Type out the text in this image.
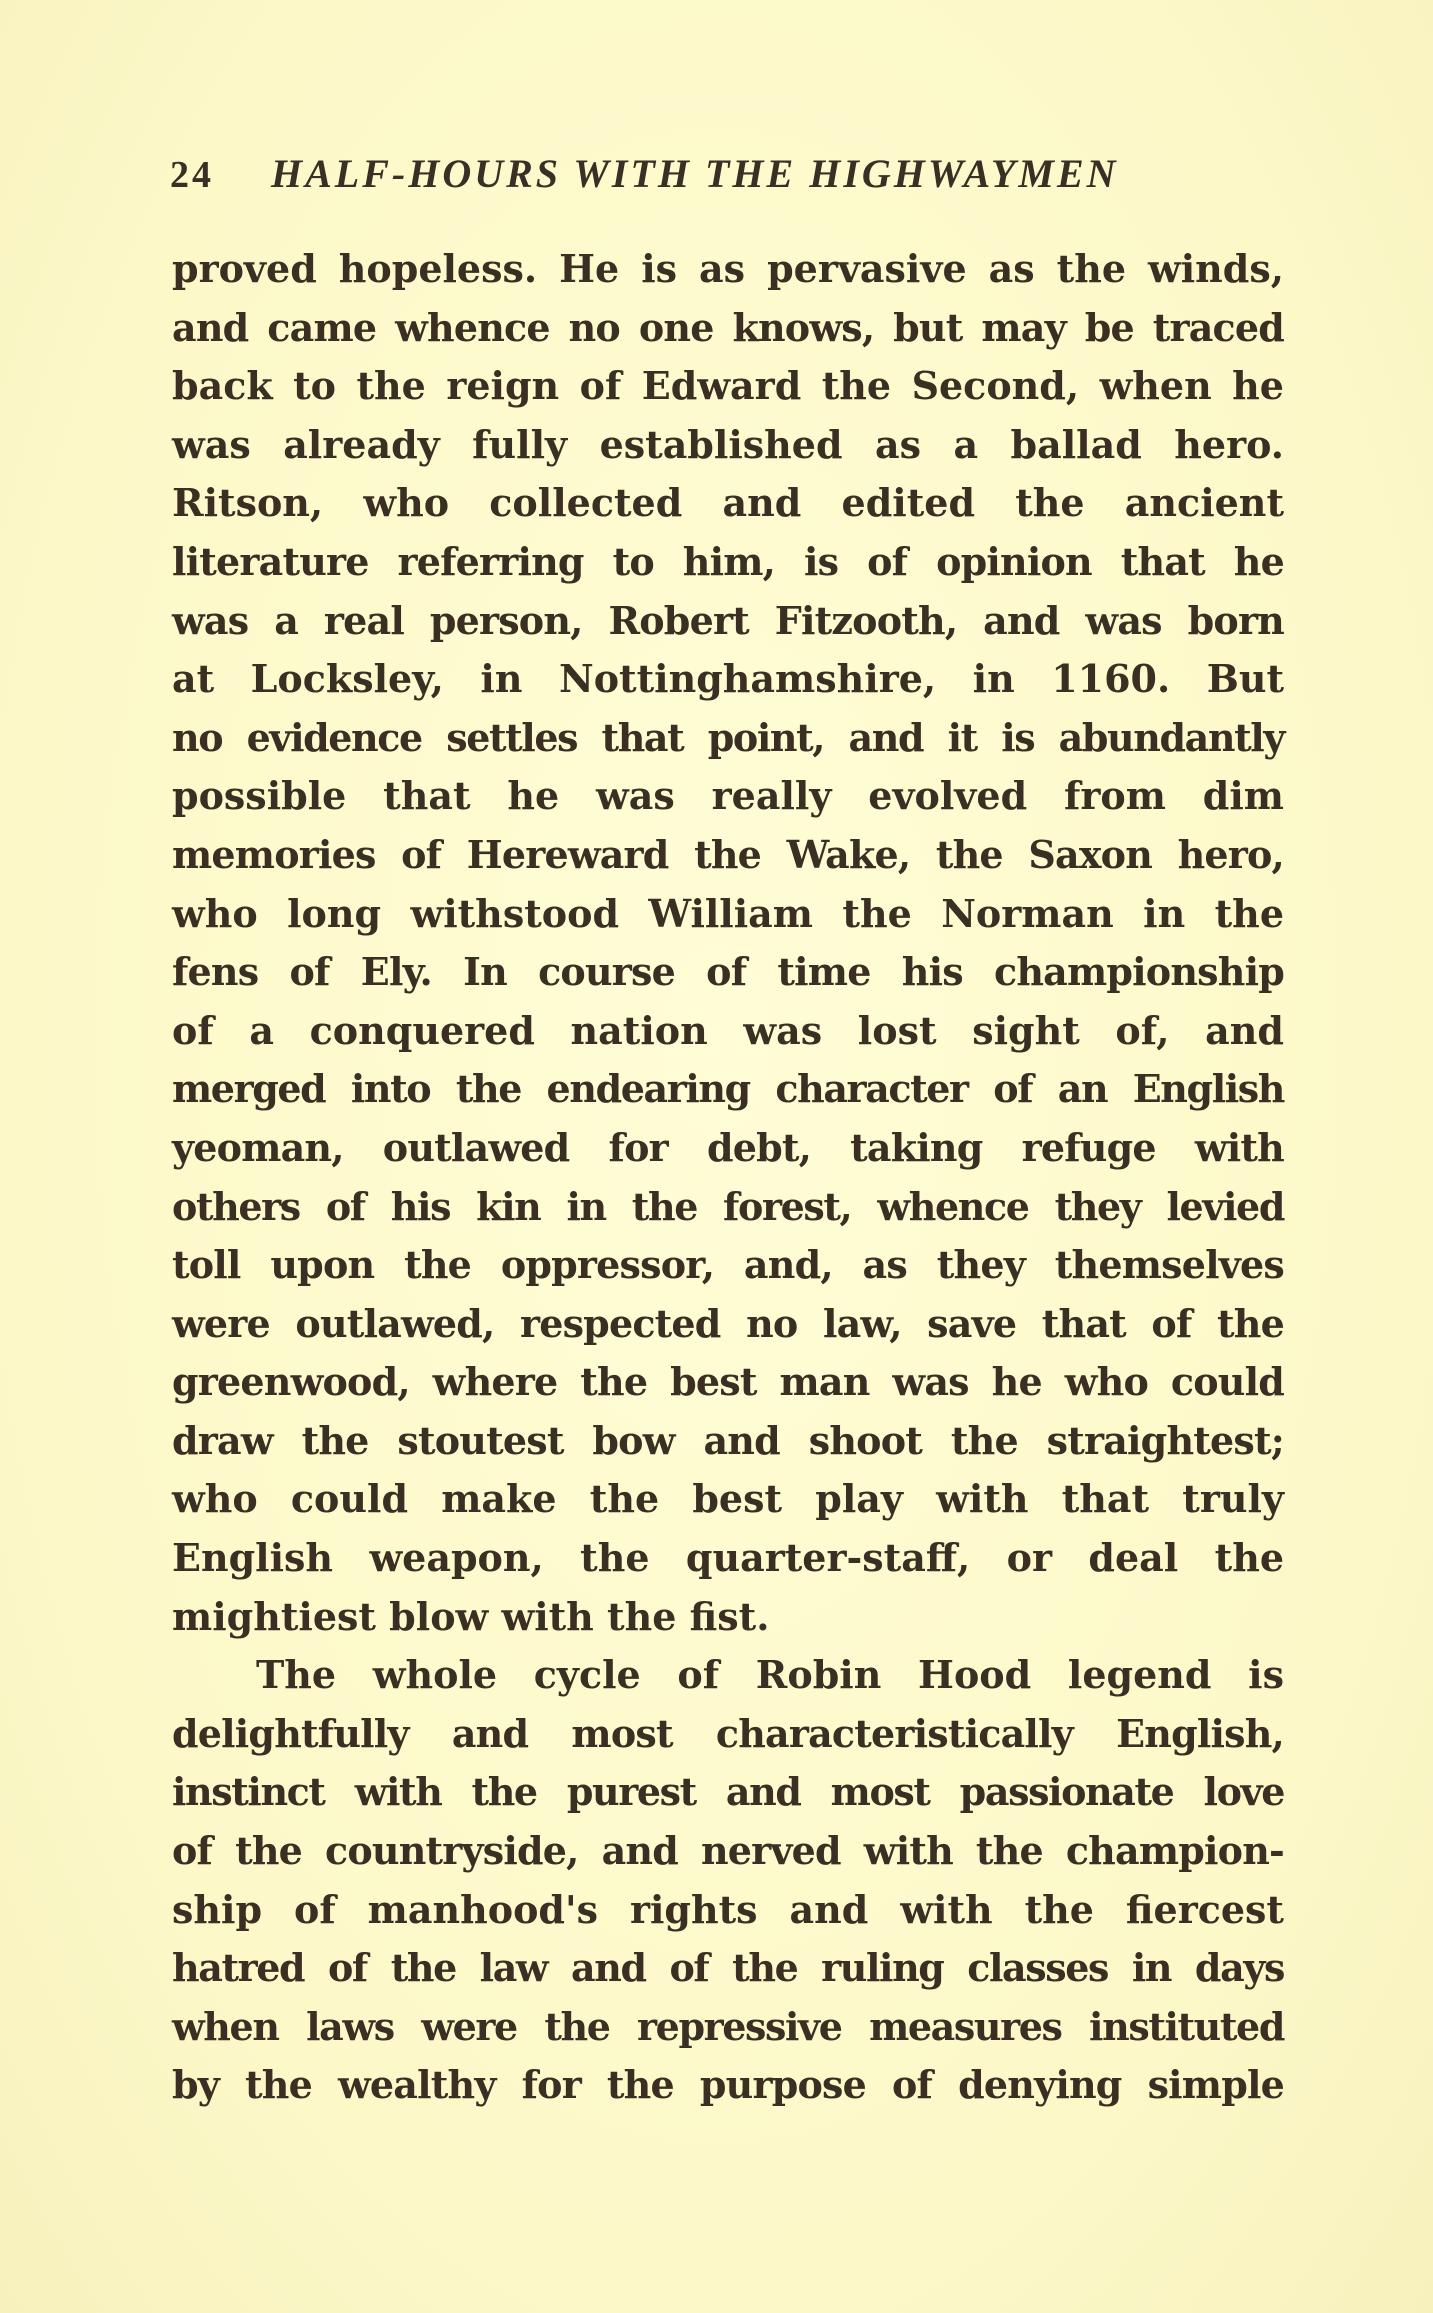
24 HALF-HOURS WITH THE HIGHWAYMEN
proved hopeless. He is as pervasive as the winds,
and came whence no one knows, but may be traced
back to the reign of Edward the Second, when he
was already fully established as a ballad hero.
Ritson, who collected and edited the ancient
literature referring to him, is of opinion that he
was a real person, Robert Fitzooth, and was born
at Locksley, in Nottinghamshire, in 1160. But
no evidence settles that point, and it is abundantly
possible that he was really evolved from dim
memories of Hereward the Wake, the Saxon hero,
who long withstood William the Norman in the
fens of Ely. In course of time his championship
of a conquered nation was lost sight of, and
merged into the endearing character of an English
yeoman, outlawed for debt, taking refuge with
others of his kin in the forest, whence they levied
toll upon the oppressor, and, as they themselves
were outlawed, respected no law, save that of the
greenwood, where the best man was he who could
draw the stoutest bow and shoot the straightest;
who could make the best play with that truly
English weapon, the quarter-staff, or deal the
mightiest blow with the fist.
The whole cycle of Robin Hood legend is
delightfully and most characteristically English,
instinct with the purest and most passionate love
of the countryside, and nerved with the champion-
ship of manhood's rights and with the fiercest
hatred of the law and of the ruling classes in days
when laws were the repressive measures instituted
by the wealthy for the purpose of denying simple
